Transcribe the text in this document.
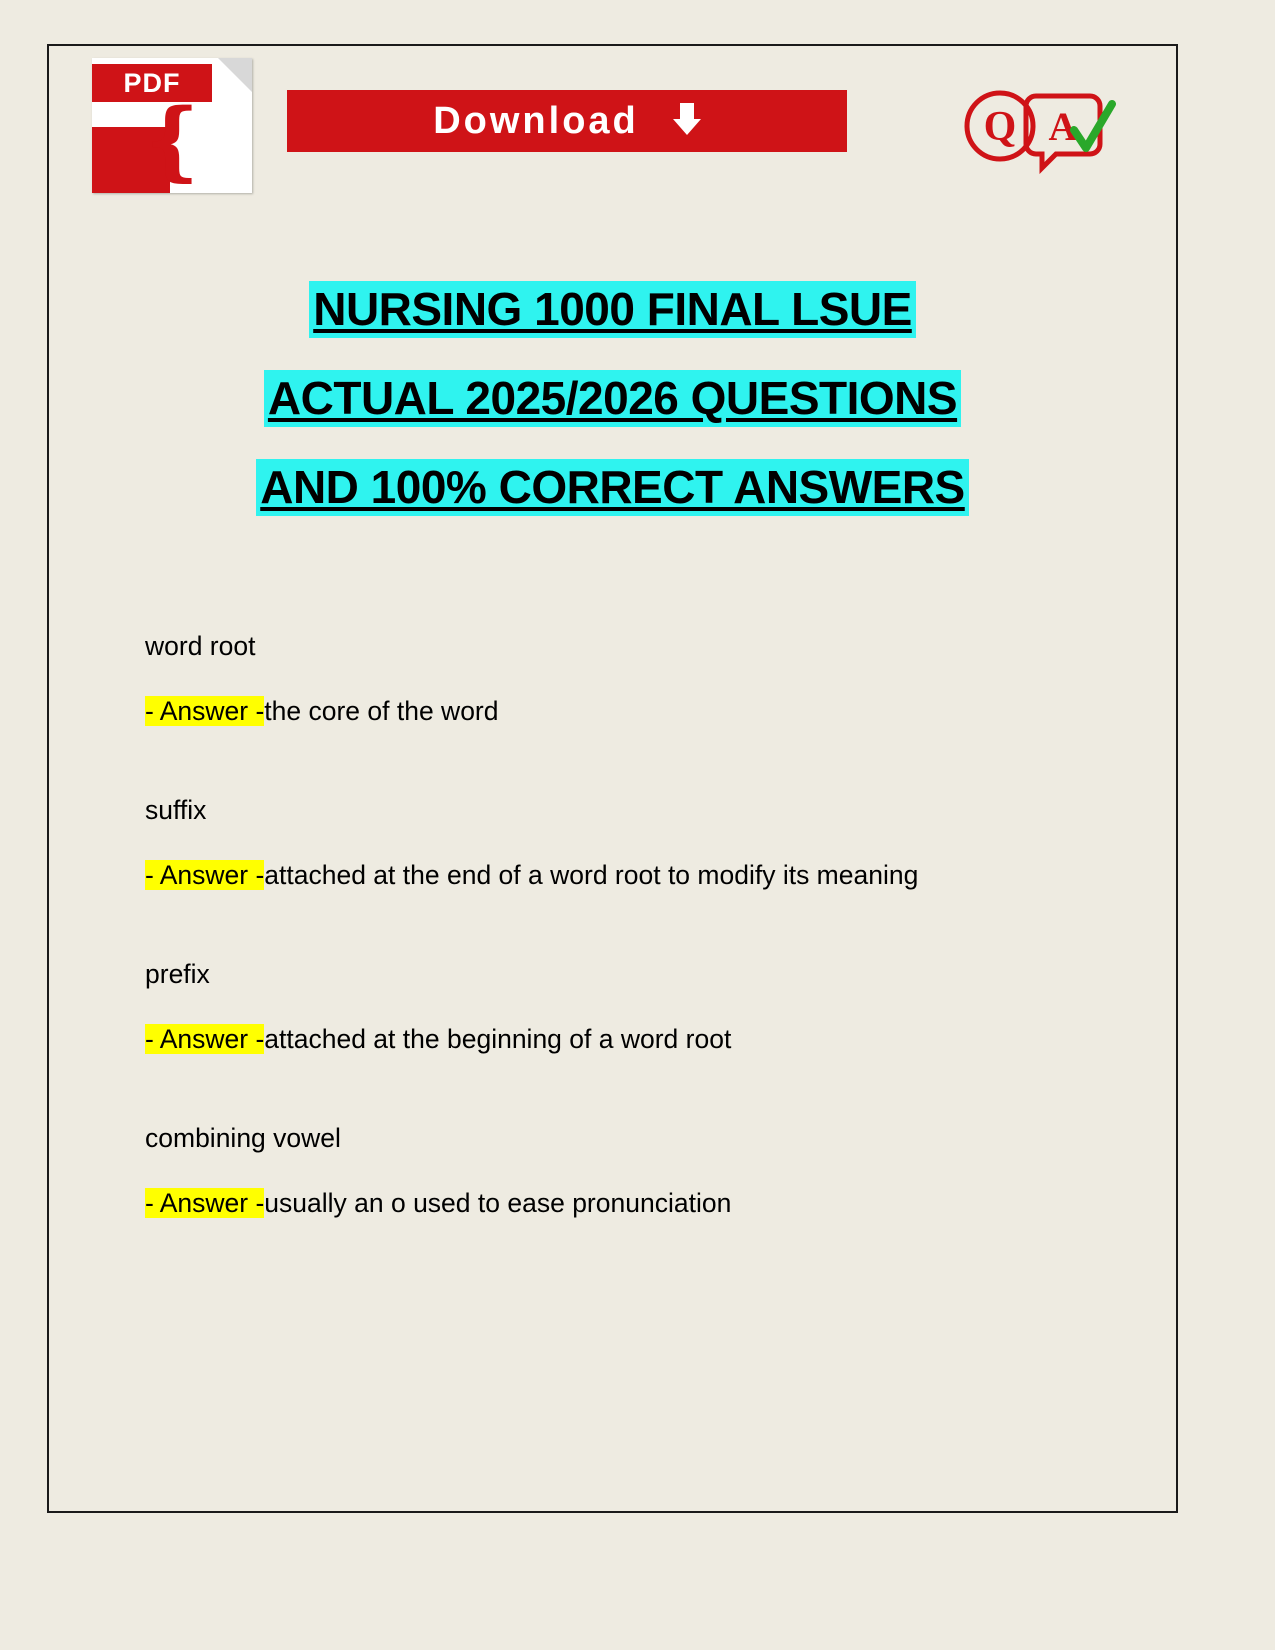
PDF
❴	Download	Q A
NURSING 1000 FINAL LSUE
ACTUAL 2025/2026 QUESTIONS
AND 100% CORRECT ANSWERS
word root
- Answer -the core of the word
suffix
- Answer -attached at the end of a word root to modify its meaning
prefix
- Answer -attached at the beginning of a word root
combining vowel
- Answer -usually an o used to ease pronunciation
